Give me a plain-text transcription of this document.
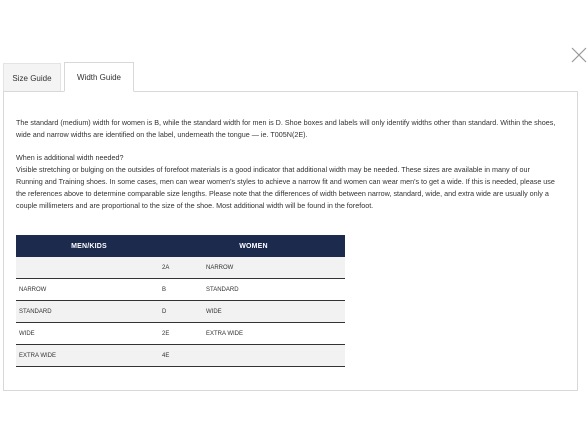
Size Guide	Width Guide
The standard (medium) width for women is B, while the standard width for men is D. Shoe boxes and labels will only identify widths other than standard. Within the shoes, wide and narrow widths are identified on the label, underneath the tongue — ie. T005N(2E).
When is additional width needed?
Visible stretching or bulging on the outsides of forefoot materials is a good indicator that additional width may be needed. These sizes are available in many of our Running and Training shoes. In some cases, men can wear women's styles to achieve a narrow fit and women can wear men's to get a wide. If this is needed, please use the references above to determine comparable size lengths. Please note that the differences of width between narrow, standard, wide, and extra wide are usually only a couple millimeters and are proportional to the size of the shoe. Most additional width will be found in the forefoot.
MEN/KIDS	WOMEN	
	2A	NARROW
NARROW	B	STANDARD
STANDARD	D	WIDE
WIDE	2E	EXTRA WIDE
EXTRA WIDE	4E	
